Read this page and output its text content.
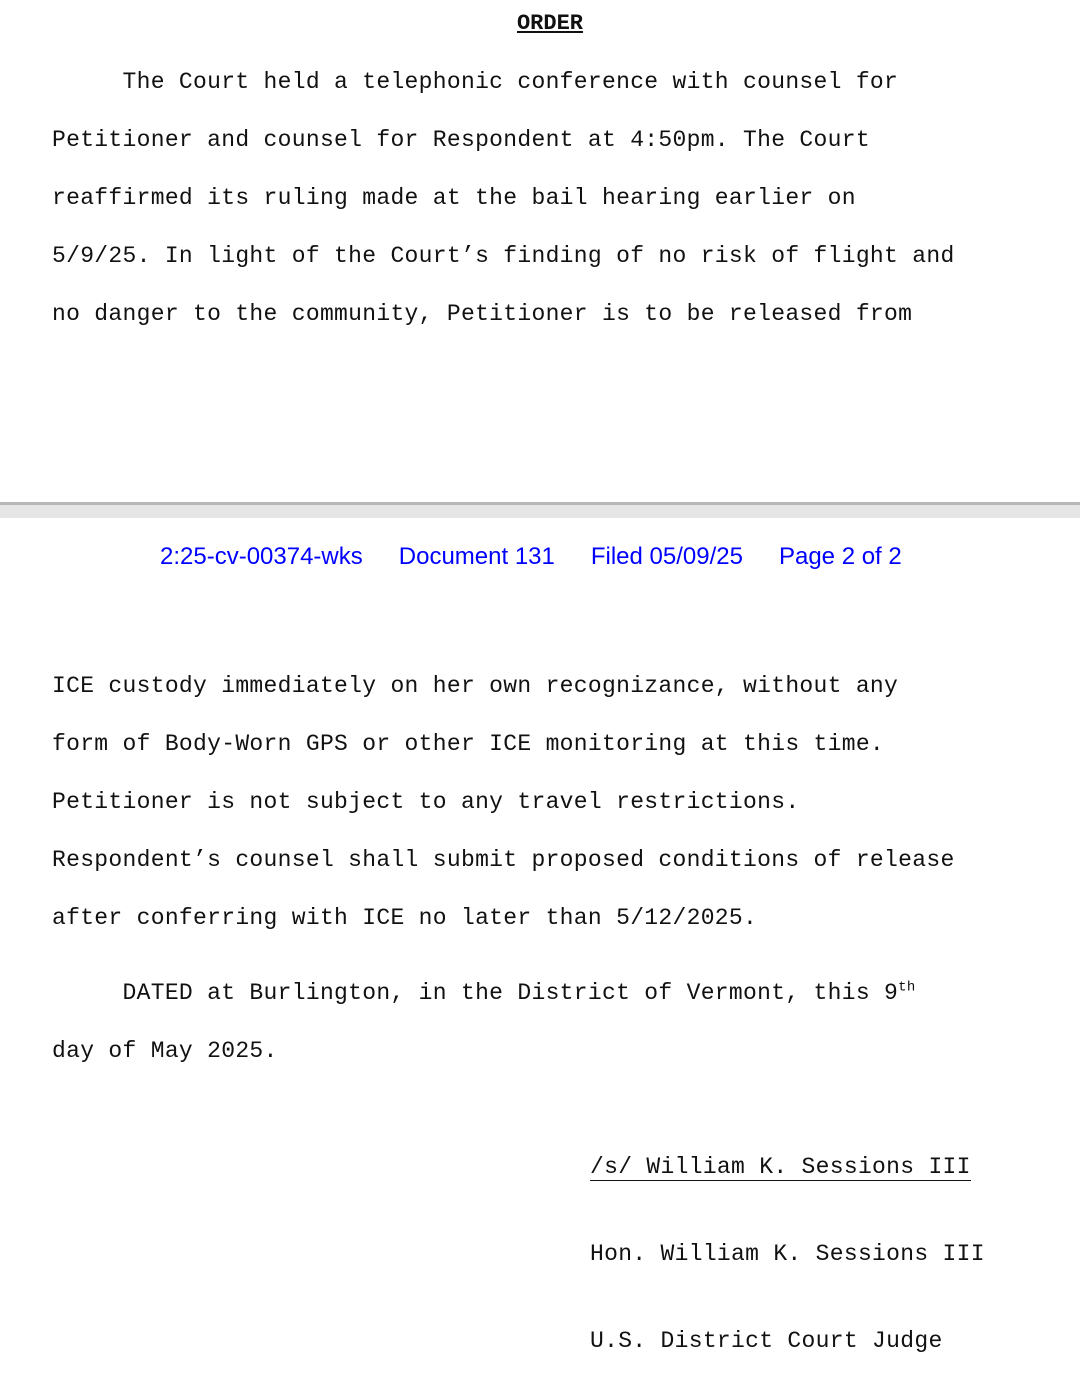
ORDER
The Court held a telephonic conference with counsel for
Petitioner and counsel for Respondent at 4:50pm. The Court
reaffirmed its ruling made at the bail hearing earlier on
5/9/25. In light of the Court’s finding of no risk of flight and
no danger to the community, Petitioner is to be released from
2:25-cv-00374-wks Document 131 Filed 05/09/25 Page 2 of 2
ICE custody immediately on her own recognizance, without any
form of Body-Worn GPS or other ICE monitoring at this time.
Petitioner is not subject to any travel restrictions.
Respondent’s counsel shall submit proposed conditions of release
after conferring with ICE no later than 5/12/2025.
DATED at Burlington, in the District of Vermont, this 9th
day of May 2025.

/s/ William K. Sessions III

Hon. William K. Sessions III

U.S. District Court Judge
